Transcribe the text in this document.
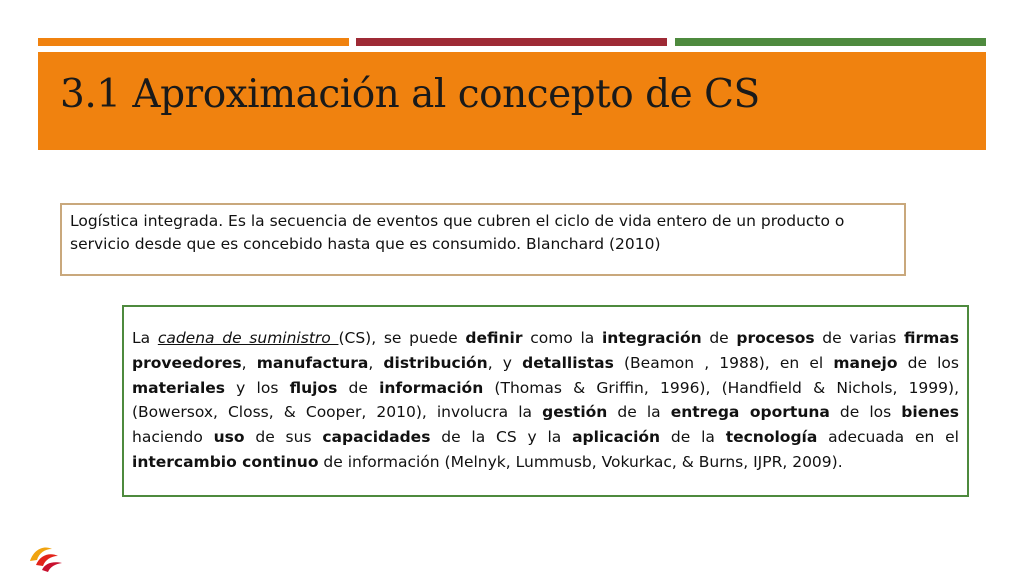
3.1 Aproximación al concepto de CS
Logística integrada. Es la secuencia de eventos que cubren el ciclo de vida entero de un producto o servicio desde que es concebido hasta que es consumido. Blanchard (2010)
La cadena de suministro (CS), se puede definir como la integración de procesos de varias firmas proveedores, manufactura, distribución, y detallistas (Beamon , 1988), en el manejo de los materiales y los flujos de información (Thomas & Griffin, 1996), (Handfield & Nichols, 1999), (Bowersox, Closs, & Cooper, 2010), involucra la gestión de la entrega oportuna de los bienes haciendo uso de sus capacidades de la CS y la aplicación de la tecnología adecuada en el intercambio continuo de información (Melnyk, Lummusb, Vokurkac, & Burns, IJPR, 2009).
